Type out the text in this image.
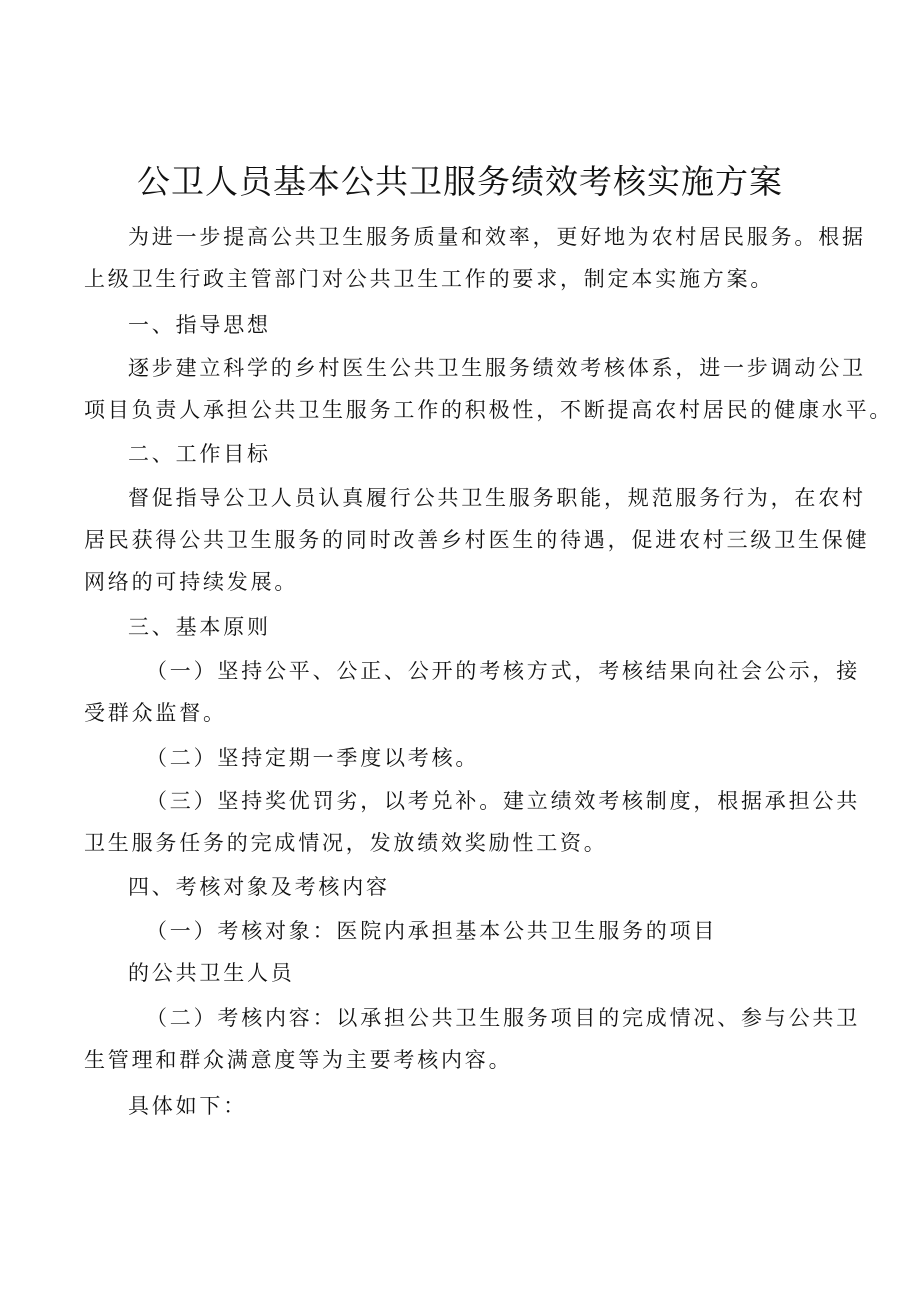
公卫人员基本公共卫服务绩效考核实施方案
为进一步提高公共卫生服务质量和效率，更好地为农村居民服务。根据
上级卫生行政主管部门对公共卫生工作的要求，制定本实施方案。
一、指导思想
逐步建立科学的乡村医生公共卫生服务绩效考核体系，进一步调动公卫
项目负责人承担公共卫生服务工作的积极性，不断提高农村居民的健康水平。
二、工作目标
督促指导公卫人员认真履行公共卫生服务职能，规范服务行为，在农村
居民获得公共卫生服务的同时改善乡村医生的待遇，促进农村三级卫生保健
网络的可持续发展。
三、基本原则
（一）坚持公平、公正、公开的考核方式，考核结果向社会公示，接
受群众监督。
（二）坚持定期一季度以考核。
（三）坚持奖优罚劣，以考兑补。建立绩效考核制度，根据承担公共
卫生服务任务的完成情况，发放绩效奖励性工资。
四、考核对象及考核内容
（一）考核对象：医院内承担基本公共卫生服务的项目
的公共卫生人员
（二）考核内容：以承担公共卫生服务项目的完成情况、参与公共卫
生管理和群众满意度等为主要考核内容。
具体如下：
